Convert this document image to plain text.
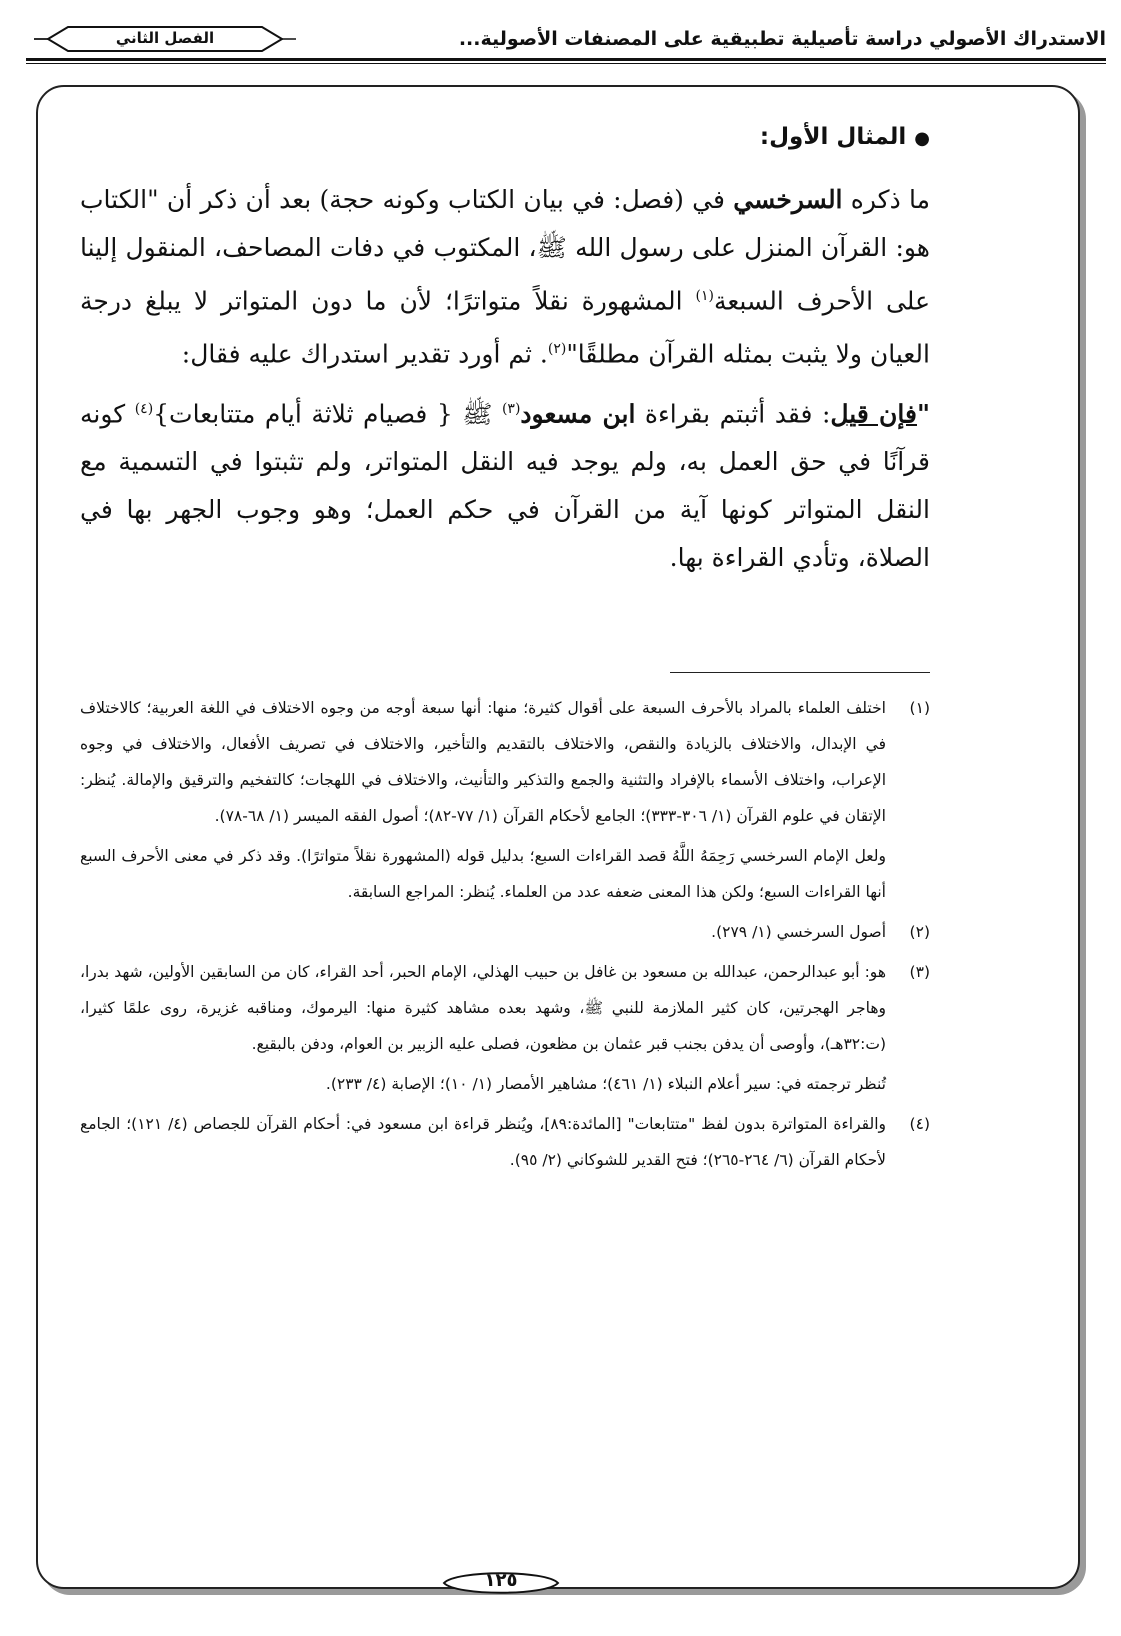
الاستدراك الأصولي دراسة تأصيلية تطبيقية على المصنفات الأصولية...
الفصل الثاني
●المثال الأول:

ما ذكره السرخسي في (فصل: في بيان الكتاب وكونه حجة) بعد أن ذكر أن "الكتاب هو: القرآن المنزل على رسول الله ﷺ، المكتوب في دفات المصاحف، المنقول إلينا على الأحرف السبعة$^{(١)}$ المشهورة نقلاً متواترًا؛ لأن ما دون المتواتر لا يبلغ درجة العيان ولا يثبت بمثله القرآن مطلقًا"$^{(٢)}$. ثم أورد تقدير استدراك عليه فقال:

"فإن قيل: فقد أثبتم بقراءة ابن مسعود$^{(٣)}$ ﷺ { فصيام ثلاثة أيام متتابعات}$^{(٤)}$ كونه قرآنًا في حق العمل به، ولم يوجد فيه النقل المتواتر، ولم تثبتوا في التسمية مع النقل المتواتر كونها آية من القرآن في حكم العمل؛ وهو وجوب الجهر بها في الصلاة، وتأدي القراءة بها.

(١)

اختلف العلماء بالمراد بالأحرف السبعة على أقوال كثيرة؛ منها: أنها سبعة أوجه من وجوه الاختلاف في اللغة العربية؛ كالاختلاف في الإبدال، والاختلاف بالزيادة والنقص، والاختلاف بالتقديم والتأخير، والاختلاف في تصريف الأفعال، والاختلاف في وجوه الإعراب، واختلاف الأسماء بالإفراد والتثنية والجمع والتذكير والتأنيث، والاختلاف في اللهجات؛ كالتفخيم والترقيق والإمالة. يُنظر: الإتقان في علوم القرآن (١/ ٣٠٦-٣٣٣)؛ الجامع لأحكام القرآن (١/ ٧٧-٨٢)؛ أصول الفقه الميسر (١/ ٦٨-٧٨).

ولعل الإمام السرخسي رَحِمَهُ اللَّهُ قصد القراءات السبع؛ بدليل قوله (المشهورة نقلاً متواترًا). وقد ذكر في معنى الأحرف السبع أنها القراءات السبع؛ ولكن هذا المعنى ضعفه عدد من العلماء. يُنظر: المراجع السابقة.
(٢)

أصول السرخسي (١/ ٢٧٩).

(٣)

هو: أبو عبدالرحمن، عبدالله بن مسعود بن غافل بن حبيب الهذلي، الإمام الحبر، أحد القراء، كان من السابقين الأولين، شهد بدرا، وهاجر الهجرتين، كان كثير الملازمة للنبي ﷺ، وشهد بعده مشاهد كثيرة منها: اليرموك، ومناقبه غزيرة، روى علمًا كثيرا، (ت:٣٢هـ)، وأوصى أن يدفن بجنب قبر عثمان بن مظعون، فصلى عليه الزبير بن العوام، ودفن بالبقيع.

تُنظر ترجمته في: سير أعلام النبلاء (١/ ٤٦١)؛ مشاهير الأمصار (١/ ١٠)؛ الإصابة (٤/ ٢٣٣).
(٤)

والقراءة المتواترة بدون لفظ "متتابعات" [المائدة:٨٩]، ويُنظر قراءة ابن مسعود في: أحكام القرآن للجصاص (٤/ ١٢١)؛ الجامع لأحكام القرآن (٦/ ٢٦٤-٢٦٥)؛ فتح القدير للشوكاني (٢/ ٩٥).

١٢٥
